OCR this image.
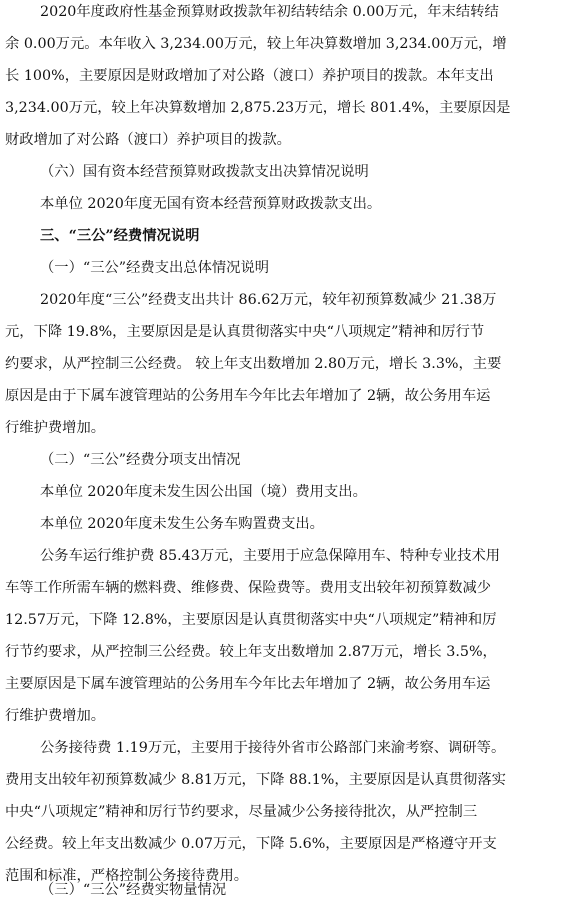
2020年度政府性基金预算财政拨款年初结转结余 0.00万元，年末结转结
余 0.00万元。本年收入 3,234.00万元，较上年决算数增加 3,234.00万元，增
长 100%，主要原因是财政增加了对公路（渡口）养护项目的拨款。本年支出
3,234.00万元，较上年决算数增加 2,875.23万元，增长 801.4%，主要原因是
财政增加了对公路（渡口）养护项目的拨款。
（六）国有资本经营预算财政拨款支出决算情况说明
本单位 2020年度无国有资本经营预算财政拨款支出。
三、“三公”经费情况说明
（一）“三公”经费支出总体情况说明
2020年度“三公”经费支出共计 86.62万元，较年初预算数减少 21.38万
元，下降 19.8%，主要原因是是认真贯彻落实中央“八项规定”精神和厉行节
约要求，从严控制三公经费。 较上年支出数增加 2.80万元，增长 3.3%，主要
原因是由于下属车渡管理站的公务用车今年比去年增加了 2辆，故公务用车运
行维护费增加。
（二）“三公”经费分项支出情况
本单位 2020年度未发生因公出国（境）费用支出。
本单位 2020年度未发生公务车购置费支出。
公务车运行维护费 85.43万元，主要用于应急保障用车、特种专业技术用
车等工作所需车辆的燃料费、维修费、保险费等。费用支出较年初预算数减少
12.57万元，下降 12.8%，主要原因是认真贯彻落实中央“八项规定”精神和厉
行节约要求，从严控制三公经费。较上年支出数增加 2.87万元，增长 3.5%，
主要原因是下属车渡管理站的公务用车今年比去年增加了 2辆，故公务用车运
行维护费增加。
公务接待费 1.19万元，主要用于接待外省市公路部门来渝考察、调研等。
费用支出较年初预算数减少 8.81万元，下降 88.1%，主要原因是认真贯彻落实
中央“八项规定”精神和厉行节约要求，尽量减少公务接待批次，从严控制三
公经费。较上年支出数减少 0.07万元，下降 5.6%，主要原因是严格遵守开支
范围和标准，严格控制公务接待费用。
（三）“三公”经费实物量情况
